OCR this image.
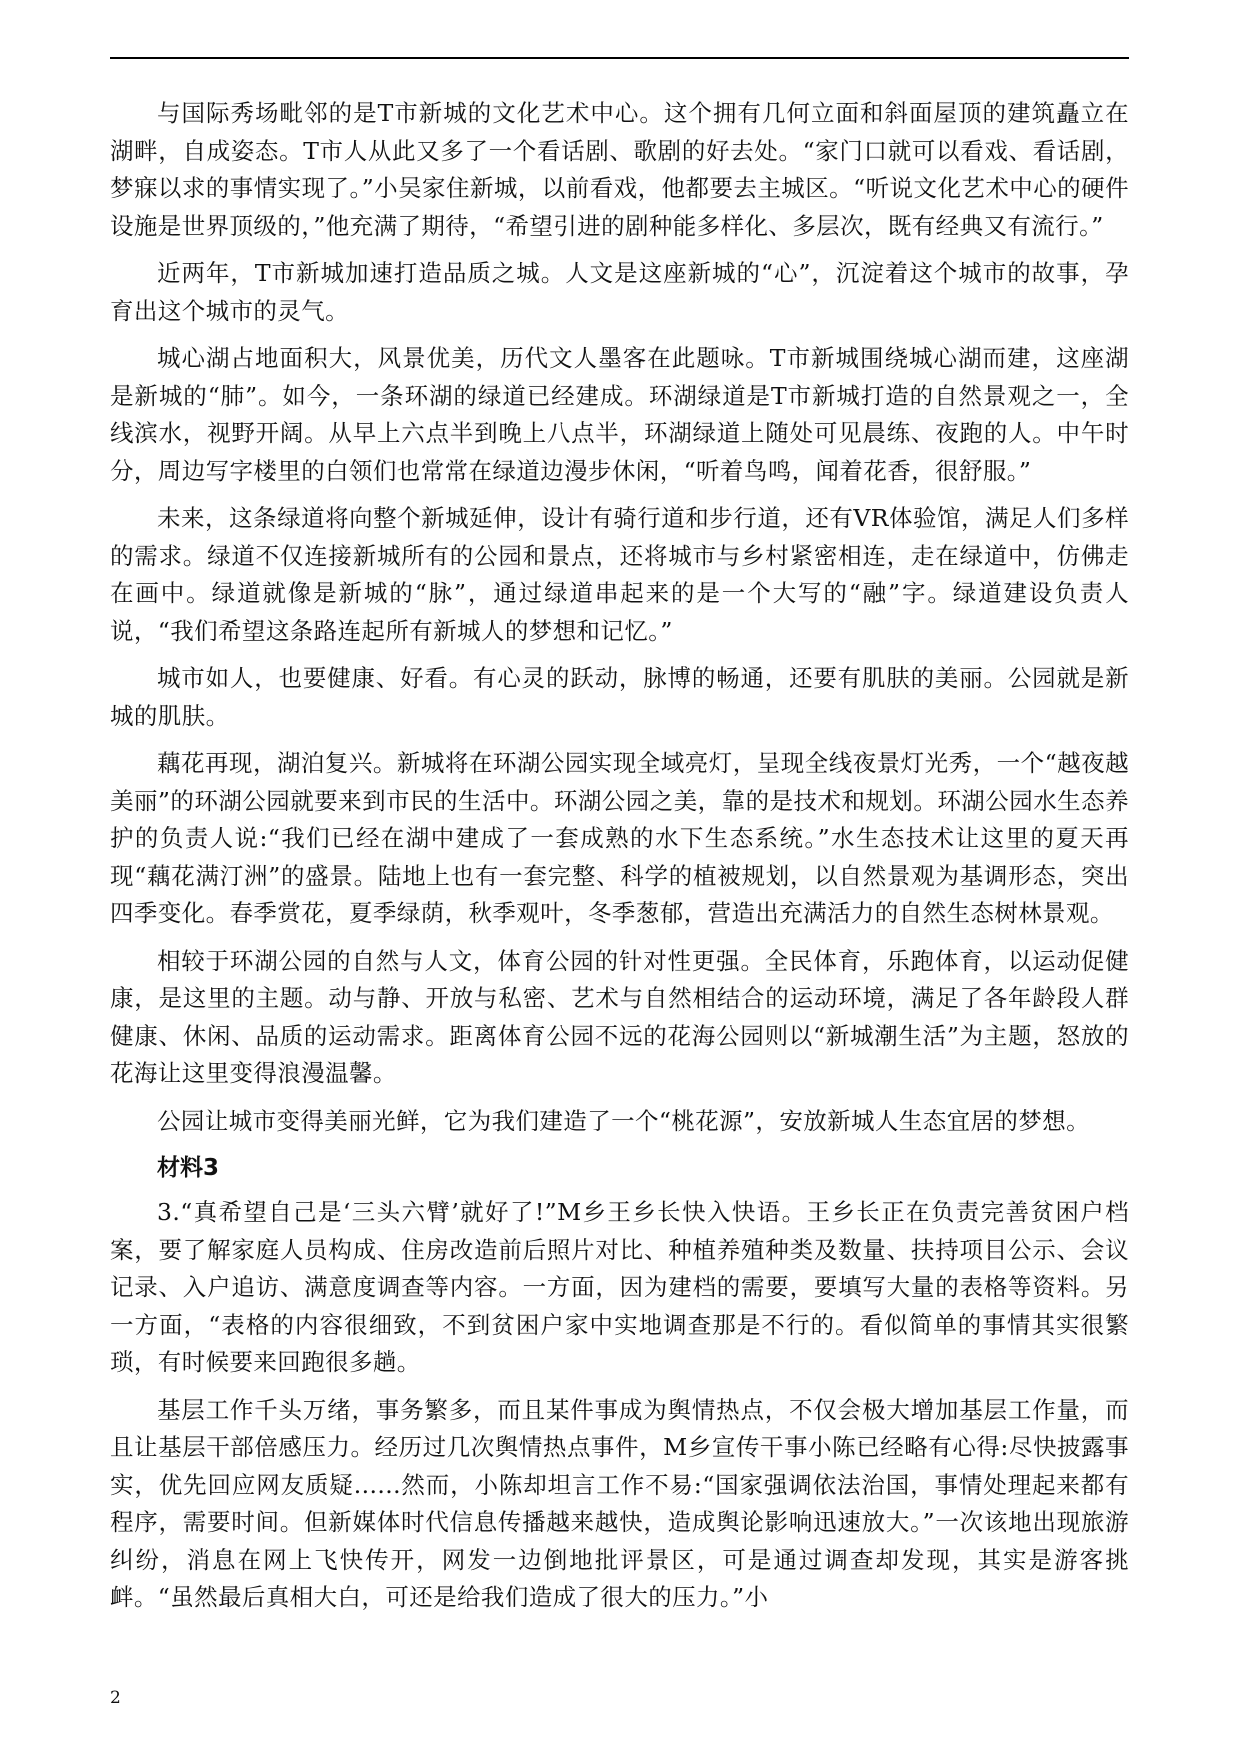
与国际秀场毗邻的是T市新城的文化艺术中心。这个拥有几何立面和斜面屋顶的建筑矗立在湖畔，自成姿态。T市人从此又多了一个看话剧、歌剧的好去处。“家门口就可以看戏、看话剧，梦寐以求的事情实现了。”小吴家住新城，以前看戏，他都要去主城区。“听说文化艺术中心的硬件设施是世界顶级的，”他充满了期待，“希望引进的剧种能多样化、多层次，既有经典又有流行。”

近两年，T市新城加速打造品质之城。人文是这座新城的“心”，沉淀着这个城市的故事，孕育出这个城市的灵气。

城心湖占地面积大，风景优美，历代文人墨客在此题咏。T市新城围绕城心湖而建，这座湖是新城的“肺”。如今，一条环湖的绿道已经建成。环湖绿道是T市新城打造的自然景观之一，全线滨水，视野开阔。从早上六点半到晚上八点半，环湖绿道上随处可见晨练、夜跑的人。中午时分，周边写字楼里的白领们也常常在绿道边漫步休闲，“听着鸟鸣，闻着花香，很舒服。”

未来，这条绿道将向整个新城延伸，设计有骑行道和步行道，还有VR体验馆，满足人们多样的需求。绿道不仅连接新城所有的公园和景点，还将城市与乡村紧密相连，走在绿道中，仿佛走在画中。绿道就像是新城的“脉”，通过绿道串起来的是一个大写的“融”字。绿道建设负责人说，“我们希望这条路连起所有新城人的梦想和记忆。”

城市如人，也要健康、好看。有心灵的跃动，脉博的畅通，还要有肌肤的美丽。公园就是新城的肌肤。

藕花再现，湖泊复兴。新城将在环湖公园实现全域亮灯，呈现全线夜景灯光秀，一个“越夜越美丽”的环湖公园就要来到市民的生活中。环湖公园之美，靠的是技术和规划。环湖公园水生态养护的负责人说:“我们已经在湖中建成了一套成熟的水下生态系统。”水生态技术让这里的夏天再现“藕花满汀洲”的盛景。陆地上也有一套完整、科学的植被规划，以自然景观为基调形态，突出四季变化。春季赏花，夏季绿荫，秋季观叶，冬季葱郁，营造出充满活力的自然生态树林景观。

相较于环湖公园的自然与人文，体育公园的针对性更强。全民体育，乐跑体育，以运动促健康，是这里的主题。动与静、开放与私密、艺术与自然相结合的运动环境，满足了各年龄段人群健康、休闲、品质的运动需求。距离体育公园不远的花海公园则以“新城潮生活”为主题，怒放的花海让这里变得浪漫温馨。

公园让城市变得美丽光鲜，它为我们建造了一个“桃花源”，安放新城人生态宜居的梦想。

材料3

3.“真希望自己是‘三头六臂’就好了!”M乡王乡长快入快语。王乡长正在负责完善贫困户档案，要了解家庭人员构成、住房改造前后照片对比、种植养殖种类及数量、扶持项目公示、会议记录、入户追访、满意度调查等内容。一方面，因为建档的需要，要填写大量的表格等资料。另一方面，“表格的内容很细致，不到贫困户家中实地调查那是不行的。看似简单的事情其实很繁琐，有时候要来回跑很多趟。

基层工作千头万绪，事务繁多，而且某件事成为舆情热点，不仅会极大增加基层工作量，而且让基层干部倍感压力。经历过几次舆情热点事件，M乡宣传干事小陈已经略有心得:尽快披露事实，优先回应网友质疑......然而，小陈却坦言工作不易:“国家强调依法治国，事情处理起来都有程序，需要时间。但新媒体时代信息传播越来越快，造成舆论影响迅速放大。”一次该地出现旅游纠纷，消息在网上飞快传开，网发一边倒地批评景区，可是通过调查却发现，其实是游客挑衅。“虽然最后真相大白，可还是给我们造成了很大的压力。”小

2
